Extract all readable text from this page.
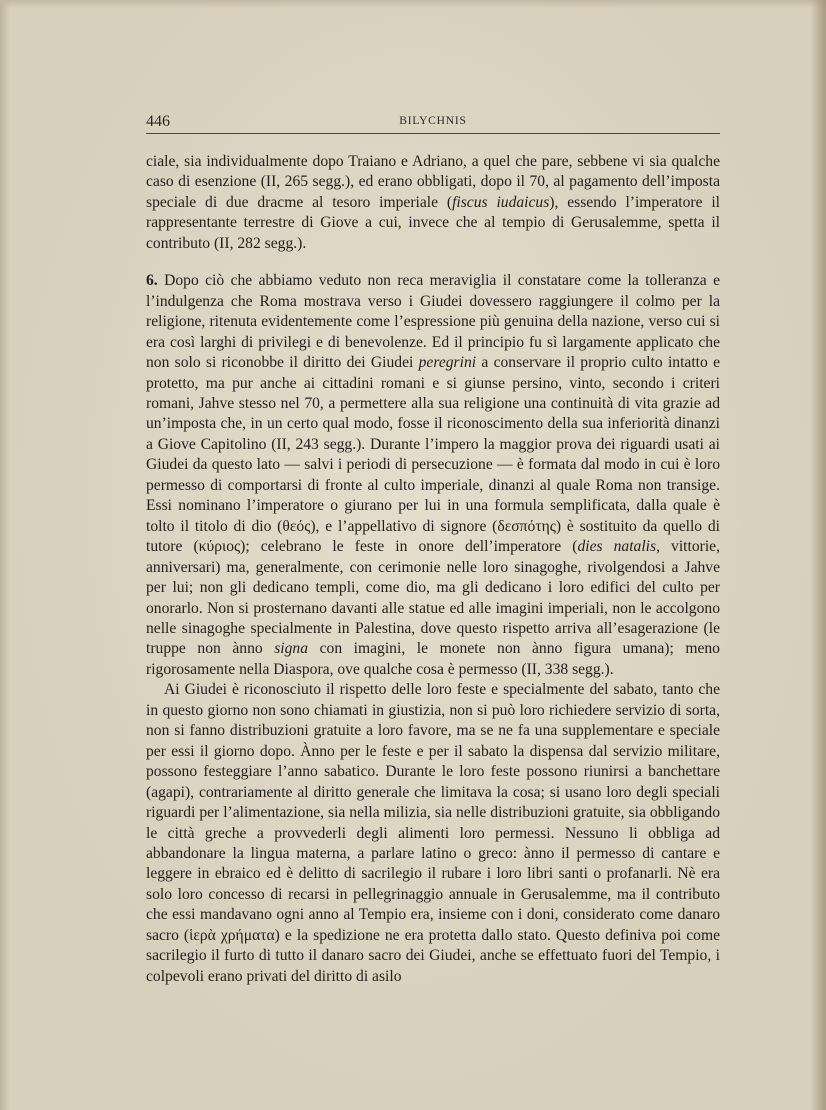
446	BILYCHNIS

ciale, sia individualmente dopo Traiano e Adriano, a quel che pare, sebbene vi sia qualche caso di esenzione (II, 265 segg.), ed erano obbligati, dopo il 70, al pagamento dell’imposta speciale di due dracme al tesoro imperiale (fiscus iudaicus), essendo l’imperatore il rappresentante terrestre di Giove a cui, invece che al tempio di Gerusalemme, spetta il contributo (II, 282 segg.).

6. Dopo ciò che abbiamo veduto non reca meraviglia il constatare come la tolleranza e l’indulgenza che Roma mostrava verso i Giudei dovessero raggiungere il colmo per la religione, ritenuta evidentemente come l’espressione più genuina della nazione, verso cui si era così larghi di privilegi e di benevolenze. Ed il principio fu sì largamente applicato che non solo si riconobbe il diritto dei Giudei peregrini a conservare il proprio culto intatto e protetto, ma pur anche ai cittadini romani e si giunse persino, vinto, secondo i criteri romani, Jahve stesso nel 70, a permettere alla sua religione una continuità di vita grazie ad un’imposta che, in un certo qual modo, fosse il riconoscimento della sua inferiorità dinanzi a Giove Capitolino (II, 243 segg.). Durante l’impero la maggior prova dei riguardi usati ai Giudei da questo lato — salvi i periodi di persecuzione — è formata dal modo in cui è loro permesso di comportarsi di fronte al culto imperiale, dinanzi al quale Roma non transige. Essi nominano l’imperatore o giurano per lui in una formula semplificata, dalla quale è tolto il titolo di dio (θεός), e l’appellativo di signore (δεσπότης) è sostituito da quello di tutore (κύριος); celebrano le feste in onore dell’imperatore (dies natalis, vittorie, anniversari) ma, generalmente, con cerimonie nelle loro sinagoghe, rivolgendosi a Jahve per lui; non gli dedicano templi, come dio, ma gli dedicano i loro edifici del culto per onorarlo. Non si prosternano davanti alle statue ed alle imagini imperiali, non le accolgono nelle sinagoghe specialmente in Palestina, dove questo rispetto arriva all’esagerazione (le truppe non ànno signa con imagini, le monete non ànno figura umana); meno rigorosamente nella Diaspora, ove qualche cosa è permesso (II, 338 segg.).

Ai Giudei è riconosciuto il rispetto delle loro feste e specialmente del sabato, tanto che in questo giorno non sono chiamati in giustizia, non si può loro richiedere servizio di sorta, non si fanno distribuzioni gratuite a loro favore, ma se ne fa una supplementare e speciale per essi il giorno dopo. Ànno per le feste e per il sabato la dispensa dal servizio militare, possono festeggiare l’anno sabatico. Durante le loro feste possono riunirsi a banchettare (agapi), contrariamente al diritto generale che limitava la cosa; si usano loro degli speciali riguardi per l’alimentazione, sia nella milizia, sia nelle distribuzioni gratuite, sia obbligando le città greche a provvederli degli alimenti loro permessi. Nessuno li obbliga ad abbandonare la lingua materna, a parlare latino o greco: ànno il permesso di cantare e leggere in ebraico ed è delitto di sacrilegio il rubare i loro libri santi o profanarli. Nè era solo loro concesso di recarsi in pellegrinaggio annuale in Gerusalemme, ma il contributo che essi mandavano ogni anno al Tempio era, insieme con i doni, considerato come danaro sacro (ἱερὰ χρήματα) e la spedizione ne era protetta dallo stato. Questo definiva poi come sacrilegio il furto di tutto il danaro sacro dei Giudei, anche se effettuato fuori del Tempio, i colpevoli erano privati del diritto di asilo
